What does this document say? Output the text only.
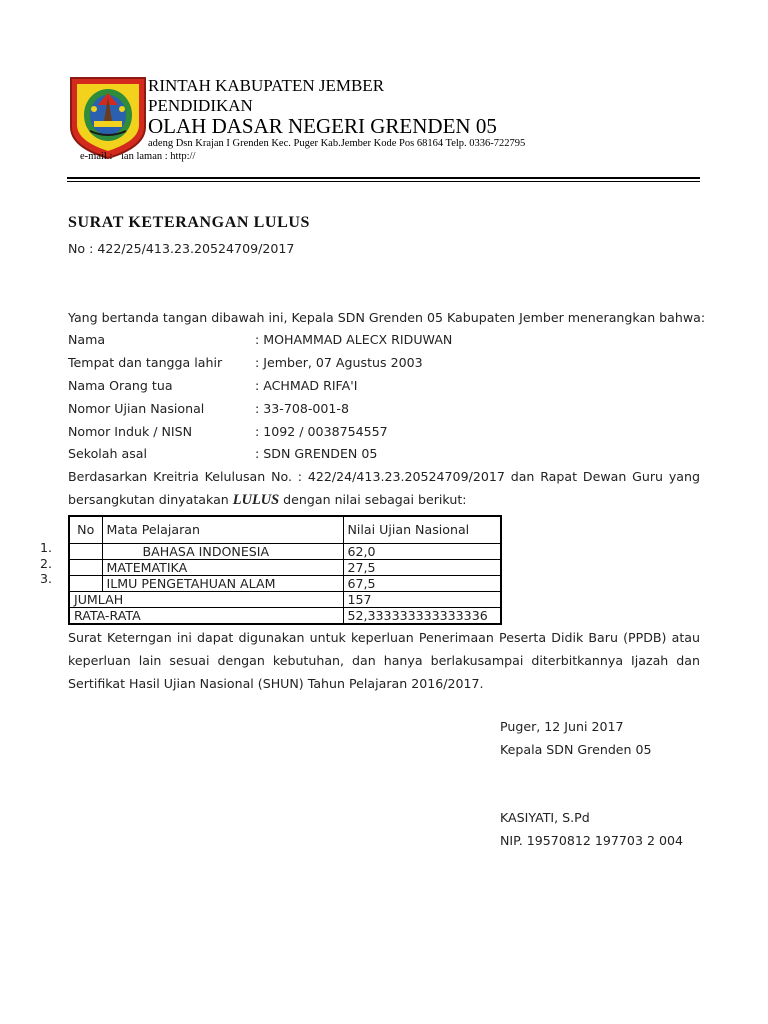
RINTAH KABUPATEN JEMBER
PENDIDIKAN
OLAH DASAR NEGERI GRENDEN 05
adeng Dsn Krajan I Grenden Kec. Puger Kab.Jember Kode Pos 68164 Telp. 0336-722795
e-mail : ıan laman : http://
SURAT KETERANGAN LULUS
No : 422/25/413.23.20524709/2017
Yang bertanda tangan dibawah ini, Kepala SDN Grenden 05 Kabupaten Jember menerangkan bahwa:
Nama	: MOHAMMAD ALECX RIDUWAN
Tempat dan tangga lahir	: Jember, 07 Agustus 2003
Nama Orang tua	: ACHMAD RIFA'I
Nomor Ujian Nasional	: 33-708-001-8
Nomor Induk / NISN	: 1092 / 0038754557
Sekolah asal	: SDN GRENDEN 05
Berdasarkan Kreitria Kelulusan No. : 422/24/413.23.20524709/2017 dan Rapat Dewan Guru yang
bersangkutan dinyatakan LULUS dengan nilai sebagai berikut:
1.
2.
3.
No	Mata Pelajaran	Nilai Ujian Nasional
	BAHASA INDONESIA	62,0
	MATEMATIKA	27,5
	ILMU PENGETAHUAN ALAM	67,5
JUMLAH		157
RATA-RATA		52,333333333333336
Surat Keterngan ini dapat digunakan untuk keperluan Penerimaan Peserta Didik Baru (PPDB) atau
keperluan lain sesuai dengan kebutuhan, dan hanya berlakusampai diterbitkannya Ijazah dan
Sertifikat Hasil Ujian Nasional (SHUN) Tahun Pelajaran 2016/2017.
Puger, 12 Juni 2017
Kepala SDN Grenden 05
KASIYATI, S.Pd
NIP. 19570812 197703 2 004
